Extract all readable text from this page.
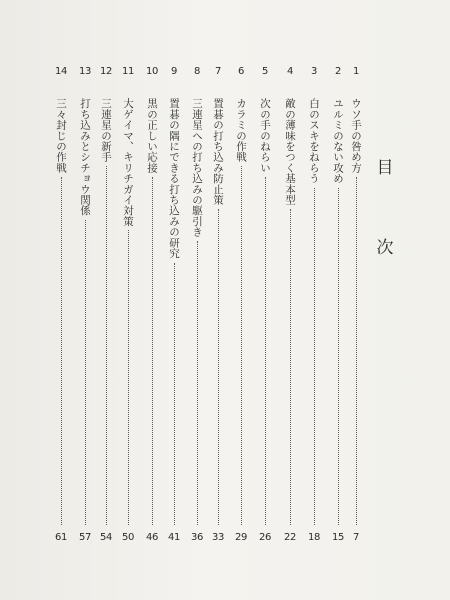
目
次
1
ウソ手の咎め方
7
2
ユルミのない攻め
15
3
白のスキをねらう
18
4
敵の薄味をつく基本型
22
5
次の手のねらい
26
6
カラミの作戦
29
7
置碁の打ち込み防止策
33
8
三連星への打ち込みの駆引き
36
9
置碁の隅にできる打ち込みの研究
41
10
黒の正しい応接
46
11
大ゲイマ、キリチガイ対策
50
12
三連星の新手
54
13
打ち込みとシチョウ関係
57
14
三々封じの作戦
61
